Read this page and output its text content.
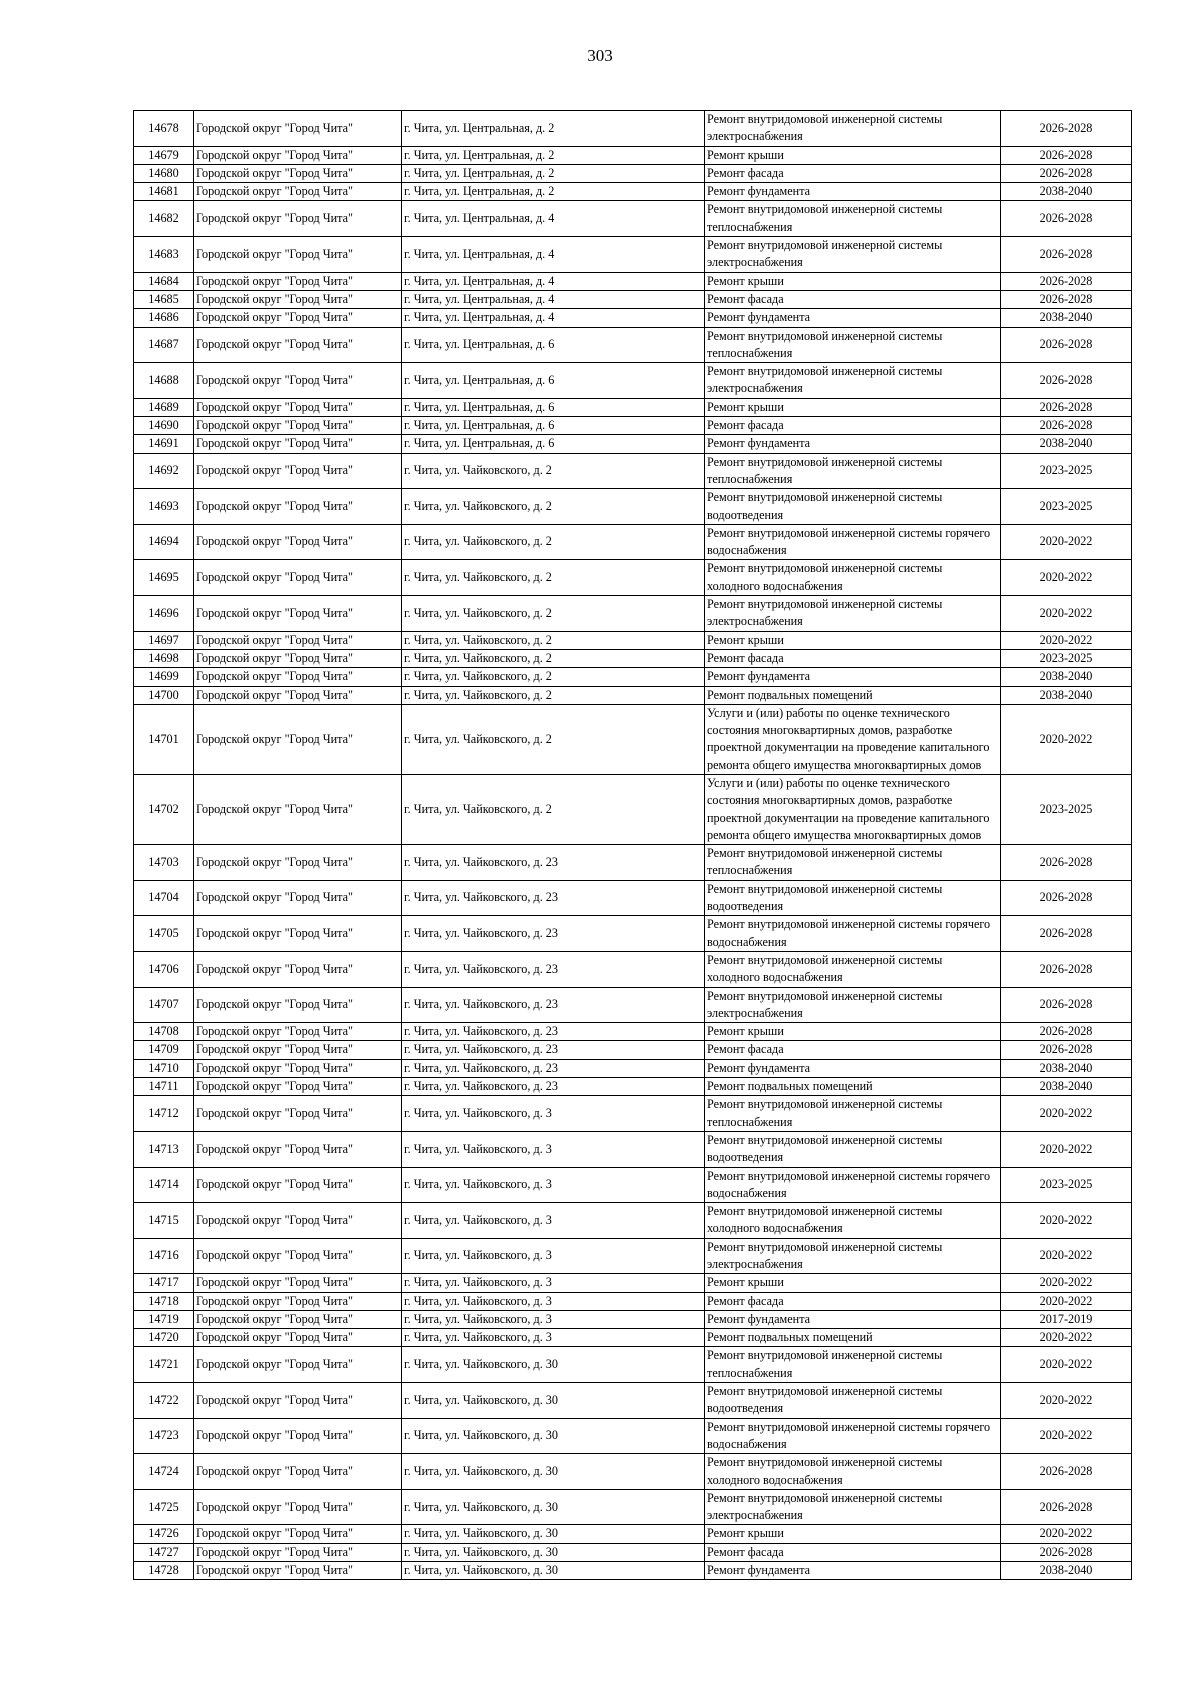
303
14678	Городской округ "Город Чита"	г. Чита, ул. Центральная, д. 2	Ремонт внутридомовой инженерной системы электроснабжения	2026-2028
14679	Городской округ "Город Чита"	г. Чита, ул. Центральная, д. 2	Ремонт крыши	2026-2028
14680	Городской округ "Город Чита"	г. Чита, ул. Центральная, д. 2	Ремонт фасада	2026-2028
14681	Городской округ "Город Чита"	г. Чита, ул. Центральная, д. 2	Ремонт фундамента	2038-2040
14682	Городской округ "Город Чита"	г. Чита, ул. Центральная, д. 4	Ремонт внутридомовой инженерной системы теплоснабжения	2026-2028
14683	Городской округ "Город Чита"	г. Чита, ул. Центральная, д. 4	Ремонт внутридомовой инженерной системы электроснабжения	2026-2028
14684	Городской округ "Город Чита"	г. Чита, ул. Центральная, д. 4	Ремонт крыши	2026-2028
14685	Городской округ "Город Чита"	г. Чита, ул. Центральная, д. 4	Ремонт фасада	2026-2028
14686	Городской округ "Город Чита"	г. Чита, ул. Центральная, д. 4	Ремонт фундамента	2038-2040
14687	Городской округ "Город Чита"	г. Чита, ул. Центральная, д. 6	Ремонт внутридомовой инженерной системы теплоснабжения	2026-2028
14688	Городской округ "Город Чита"	г. Чита, ул. Центральная, д. 6	Ремонт внутридомовой инженерной системы электроснабжения	2026-2028
14689	Городской округ "Город Чита"	г. Чита, ул. Центральная, д. 6	Ремонт крыши	2026-2028
14690	Городской округ "Город Чита"	г. Чита, ул. Центральная, д. 6	Ремонт фасада	2026-2028
14691	Городской округ "Город Чита"	г. Чита, ул. Центральная, д. 6	Ремонт фундамента	2038-2040
14692	Городской округ "Город Чита"	г. Чита, ул. Чайковского, д. 2	Ремонт внутридомовой инженерной системы теплоснабжения	2023-2025
14693	Городской округ "Город Чита"	г. Чита, ул. Чайковского, д. 2	Ремонт внутридомовой инженерной системы водоотведения	2023-2025
14694	Городской округ "Город Чита"	г. Чита, ул. Чайковского, д. 2	Ремонт внутридомовой инженерной системы горячего водоснабжения	2020-2022
14695	Городской округ "Город Чита"	г. Чита, ул. Чайковского, д. 2	Ремонт внутридомовой инженерной системы холодного водоснабжения	2020-2022
14696	Городской округ "Город Чита"	г. Чита, ул. Чайковского, д. 2	Ремонт внутридомовой инженерной системы электроснабжения	2020-2022
14697	Городской округ "Город Чита"	г. Чита, ул. Чайковского, д. 2	Ремонт крыши	2020-2022
14698	Городской округ "Город Чита"	г. Чита, ул. Чайковского, д. 2	Ремонт фасада	2023-2025
14699	Городской округ "Город Чита"	г. Чита, ул. Чайковского, д. 2	Ремонт фундамента	2038-2040
14700	Городской округ "Город Чита"	г. Чита, ул. Чайковского, д. 2	Ремонт подвальных помещений	2038-2040
14701	Городской округ "Город Чита"	г. Чита, ул. Чайковского, д. 2	Услуги и (или) работы по оценке технического состояния многоквартирных домов, разработке проектной документации на проведение капитального ремонта общего имущества многоквартирных домов	2020-2022
14702	Городской округ "Город Чита"	г. Чита, ул. Чайковского, д. 2	Услуги и (или) работы по оценке технического состояния многоквартирных домов, разработке проектной документации на проведение капитального ремонта общего имущества многоквартирных домов	2023-2025
14703	Городской округ "Город Чита"	г. Чита, ул. Чайковского, д. 23	Ремонт внутридомовой инженерной системы теплоснабжения	2026-2028
14704	Городской округ "Город Чита"	г. Чита, ул. Чайковского, д. 23	Ремонт внутридомовой инженерной системы водоотведения	2026-2028
14705	Городской округ "Город Чита"	г. Чита, ул. Чайковского, д. 23	Ремонт внутридомовой инженерной системы горячего водоснабжения	2026-2028
14706	Городской округ "Город Чита"	г. Чита, ул. Чайковского, д. 23	Ремонт внутридомовой инженерной системы холодного водоснабжения	2026-2028
14707	Городской округ "Город Чита"	г. Чита, ул. Чайковского, д. 23	Ремонт внутридомовой инженерной системы электроснабжения	2026-2028
14708	Городской округ "Город Чита"	г. Чита, ул. Чайковского, д. 23	Ремонт крыши	2026-2028
14709	Городской округ "Город Чита"	г. Чита, ул. Чайковского, д. 23	Ремонт фасада	2026-2028
14710	Городской округ "Город Чита"	г. Чита, ул. Чайковского, д. 23	Ремонт фундамента	2038-2040
14711	Городской округ "Город Чита"	г. Чита, ул. Чайковского, д. 23	Ремонт подвальных помещений	2038-2040
14712	Городской округ "Город Чита"	г. Чита, ул. Чайковского, д. 3	Ремонт внутридомовой инженерной системы теплоснабжения	2020-2022
14713	Городской округ "Город Чита"	г. Чита, ул. Чайковского, д. 3	Ремонт внутридомовой инженерной системы водоотведения	2020-2022
14714	Городской округ "Город Чита"	г. Чита, ул. Чайковского, д. 3	Ремонт внутридомовой инженерной системы горячего водоснабжения	2023-2025
14715	Городской округ "Город Чита"	г. Чита, ул. Чайковского, д. 3	Ремонт внутридомовой инженерной системы холодного водоснабжения	2020-2022
14716	Городской округ "Город Чита"	г. Чита, ул. Чайковского, д. 3	Ремонт внутридомовой инженерной системы электроснабжения	2020-2022
14717	Городской округ "Город Чита"	г. Чита, ул. Чайковского, д. 3	Ремонт крыши	2020-2022
14718	Городской округ "Город Чита"	г. Чита, ул. Чайковского, д. 3	Ремонт фасада	2020-2022
14719	Городской округ "Город Чита"	г. Чита, ул. Чайковского, д. 3	Ремонт фундамента	2017-2019
14720	Городской округ "Город Чита"	г. Чита, ул. Чайковского, д. 3	Ремонт подвальных помещений	2020-2022
14721	Городской округ "Город Чита"	г. Чита, ул. Чайковского, д. 30	Ремонт внутридомовой инженерной системы теплоснабжения	2020-2022
14722	Городской округ "Город Чита"	г. Чита, ул. Чайковского, д. 30	Ремонт внутридомовой инженерной системы водоотведения	2020-2022
14723	Городской округ "Город Чита"	г. Чита, ул. Чайковского, д. 30	Ремонт внутридомовой инженерной системы горячего водоснабжения	2020-2022
14724	Городской округ "Город Чита"	г. Чита, ул. Чайковского, д. 30	Ремонт внутридомовой инженерной системы холодного водоснабжения	2026-2028
14725	Городской округ "Город Чита"	г. Чита, ул. Чайковского, д. 30	Ремонт внутридомовой инженерной системы электроснабжения	2026-2028
14726	Городской округ "Город Чита"	г. Чита, ул. Чайковского, д. 30	Ремонт крыши	2020-2022
14727	Городской округ "Город Чита"	г. Чита, ул. Чайковского, д. 30	Ремонт фасада	2026-2028
14728	Городской округ "Город Чита"	г. Чита, ул. Чайковского, д. 30	Ремонт фундамента	2038-2040
